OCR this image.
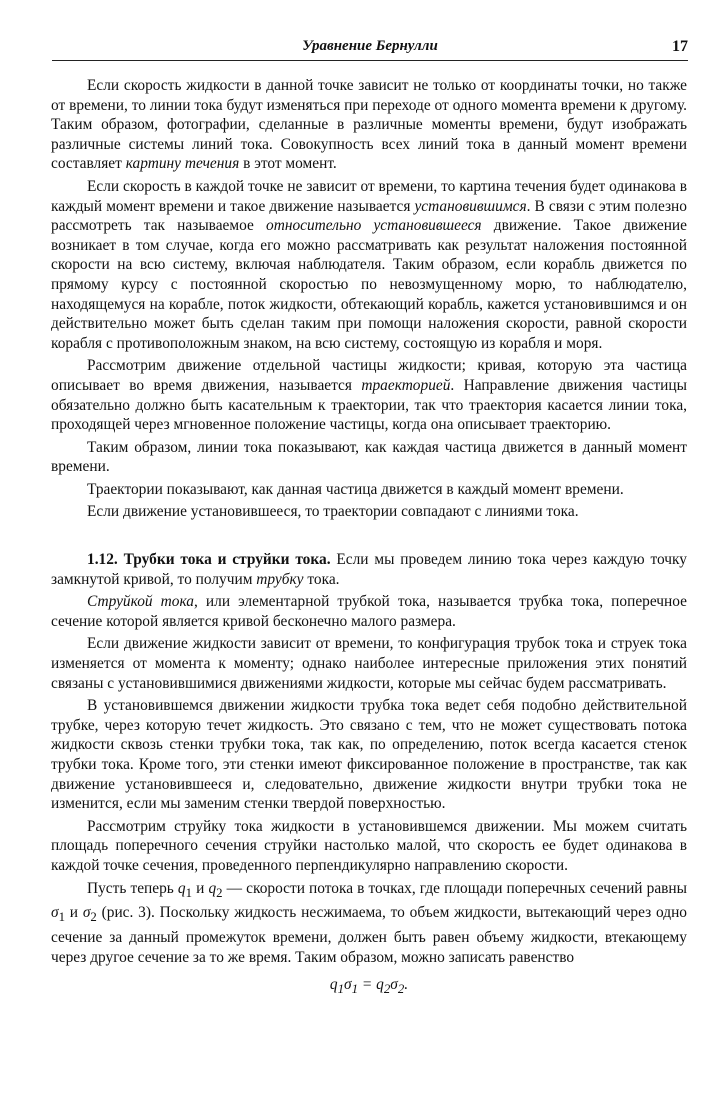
Уравнение Бернулли	17

Если скорость жидкости в данной точке зависит не только от координаты точки, но также от времени, то линии тока будут изменяться при переходе от одного момента времени к другому. Таким образом, фотографии, сделанные в различные моменты времени, будут изображать различные системы линий тока. Совокупность всех линий тока в данный момент времени составляет картину течения в этот момент.

Если скорость в каждой точке не зависит от времени, то картина течения будет одинакова в каждый момент времени и такое движение называется установившимся. В связи с этим полезно рассмотреть так называемое относительно установившееся движение. Такое движение возникает в том случае, когда его можно рассматривать как результат наложения постоянной скорости на всю систему, включая наблюдателя. Таким образом, если корабль движется по прямому курсу с постоянной скоростью по невозмущенному морю, то наблюдателю, находящемуся на корабле, поток жидкости, обтекающий корабль, кажется установившимся и он действительно может быть сделан таким при помощи наложения скорости, равной скорости корабля с противоположным знаком, на всю систему, состоящую из корабля и моря.

Рассмотрим движение отдельной частицы жидкости; кривая, которую эта частица описывает во время движения, называется траекторией. Направление движения частицы обязательно должно быть касательным к траектории, так что траектория касается линии тока, проходящей через мгновенное положение частицы, когда она описывает траекторию.

Таким образом, линии тока показывают, как каждая частица движется в данный момент времени.

Траектории показывают, как данная частица движется в каждый момент времени.

Если движение установившееся, то траектории совпадают с линиями тока.

1.12. Трубки тока и струйки тока. Если мы проведем линию тока через каждую точку замкнутой кривой, то получим трубку тока.

Струйкой тока, или элементарной трубкой тока, называется трубка тока, поперечное сечение которой является кривой бесконечно малого размера.

Если движение жидкости зависит от времени, то конфигурация трубок тока и струек тока изменяется от момента к моменту; однако наиболее интересные приложения этих понятий связаны с установившимися движениями жидкости, которые мы сейчас будем рассматривать.

В установившемся движении жидкости трубка тока ведет себя подобно действительной трубке, через которую течет жидкость. Это связано с тем, что не может существовать потока жидкости сквозь стенки трубки тока, так как, по определению, поток всегда касается стенок трубки тока. Кроме того, эти стенки имеют фиксированное положение в пространстве, так как движение установившееся и, следовательно, движение жидкости внутри трубки тока не изменится, если мы заменим стенки твердой поверхностью.

Рассмотрим струйку тока жидкости в установившемся движении. Мы можем считать площадь поперечного сечения струйки настолько малой, что скорость ее будет одинакова в каждой точке сечения, проведенного перпендикулярно направлению скорости.

Пусть теперь $q_1$ и $q_2$ — скорости потока в точках, где площади поперечных сечений равны $\sigma_1$ и $\sigma_2$ (рис. 3). Поскольку жидкость несжимаема, то объем жидкости, вытекающий через одно сечение за данный промежуток времени, должен быть равен объему жидкости, втекающему через другое сечение за то же время. Таким образом, можно записать равенство

$q_1\sigma_1 = q_2\sigma_2$.
